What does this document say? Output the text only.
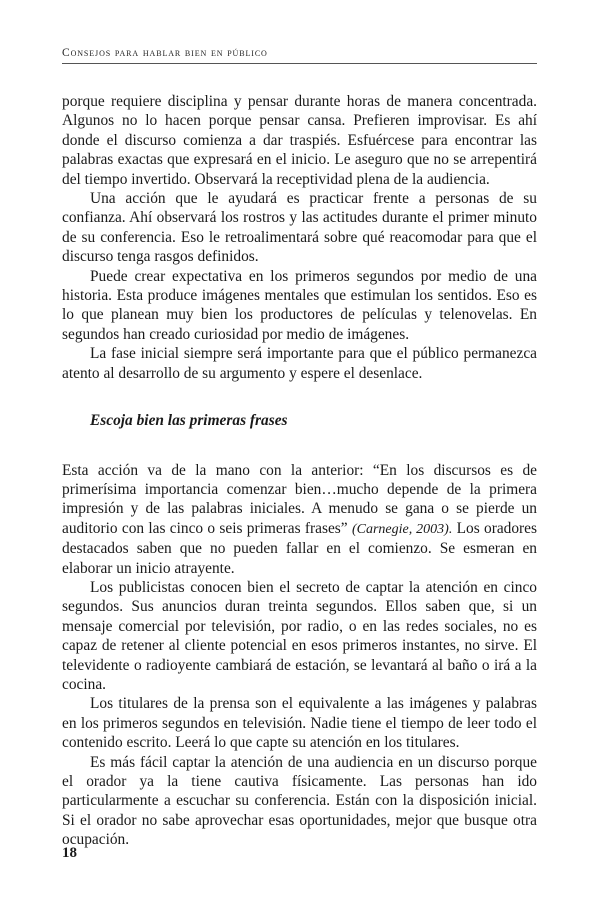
Consejos para hablar bien en público

porque requiere disciplina y pensar durante horas de manera concentrada. Algunos no lo hacen porque pensar cansa. Prefieren improvisar. Es ahí donde el discurso comienza a dar traspiés. Esfuércese para encontrar las palabras exactas que expresará en el inicio. Le aseguro que no se arrepentirá del tiempo invertido. Observará la receptividad plena de la audiencia.

Una acción que le ayudará es practicar frente a personas de su confianza. Ahí observará los rostros y las actitudes durante el primer minuto de su conferencia. Eso le retroalimentará sobre qué reacomodar para que el discurso tenga rasgos definidos.

Puede crear expectativa en los primeros segundos por medio de una historia. Esta produce imágenes mentales que estimulan los sentidos. Eso es lo que planean muy bien los productores de películas y telenovelas. En segundos han creado curiosidad por medio de imágenes.

La fase inicial siempre será importante para que el público permanezca atento al desarrollo de su argumento y espere el desenlace.

Escoja bien las primeras frases

Esta acción va de la mano con la anterior: “En los discursos es de primerísima importancia comenzar bien…mucho depende de la primera impresión y de las palabras iniciales. A menudo se gana o se pierde un auditorio con las cinco o seis primeras frases” (Carnegie, 2003). Los oradores destacados saben que no pueden fallar en el comienzo. Se esmeran en elaborar un inicio atrayente.

Los publicistas conocen bien el secreto de captar la atención en cinco segundos. Sus anuncios duran treinta segundos. Ellos saben que, si un mensaje comercial por televisión, por radio, o en las redes sociales, no es capaz de retener al cliente potencial en esos primeros instantes, no sirve. El televidente o radioyente cambiará de estación, se levantará al baño o irá a la cocina.

Los titulares de la prensa son el equivalente a las imágenes y palabras en los primeros segundos en televisión. Nadie tiene el tiempo de leer todo el contenido escrito. Leerá lo que capte su atención en los titulares.

Es más fácil captar la atención de una audiencia en un discurso porque el orador ya la tiene cautiva físicamente. Las personas han ido particularmente a escuchar su conferencia. Están con la disposición inicial. Si el orador no sabe aprovechar esas oportunidades, mejor que busque otra ocupación.

18
